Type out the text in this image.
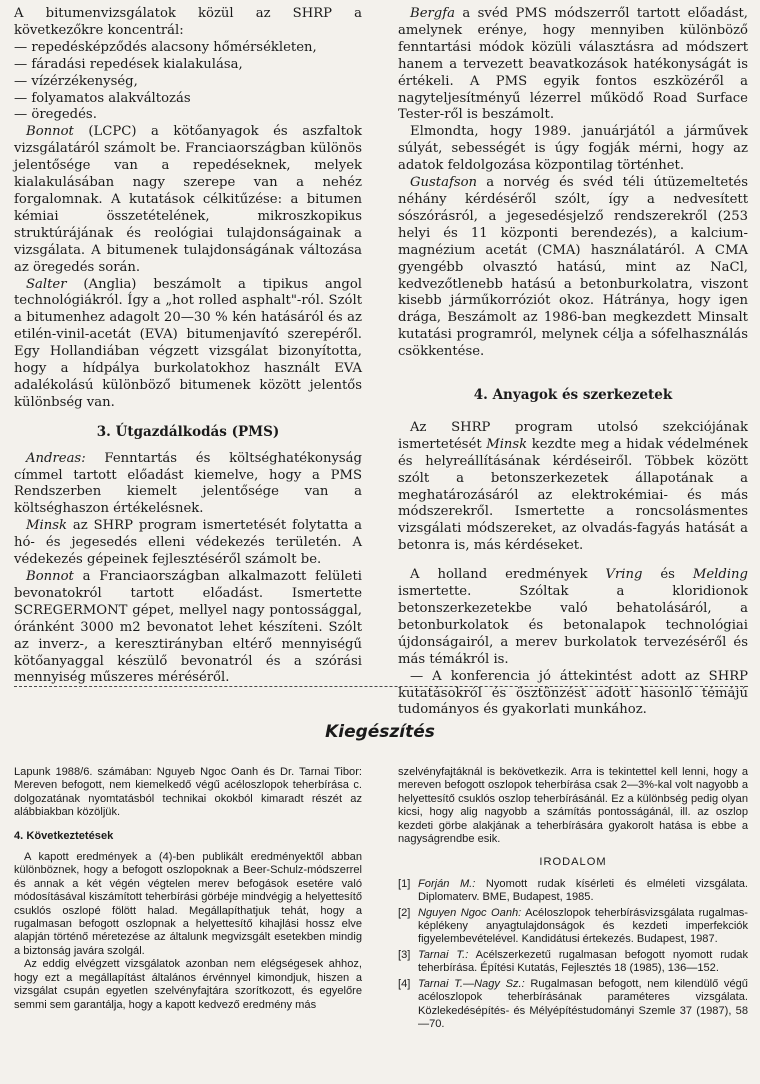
A bitumenvizsgálatok közül az SHRP a következőkre koncentrál:

— repedésképződés alacsony hőmérsékleten,
— fáradási repedések kialakulása,
— vízérzékenység,
— folyamatos alakváltozás
— öregedés.

Bonnot (LCPC) a kötőanyagok és aszfaltok vizsgálatáról számolt be. Franciaországban különös jelentősége van a repedéseknek, melyek kialakulásában nagy szerepe van a nehéz forgalomnak. A kutatások célkitűzése: a bitumen kémiai összetételének, mikroszkopikus struktúrájának és reológiai tulajdonságainak a vizsgálata. A bitumenek tulajdonságának változása az öregedés során.

Salter (Anglia) beszámolt a tipikus angol technológiákról. Így a „hot rolled asphalt"-ról. Szólt a bitumenhez adagolt 20—30 % kén hatásáról és az etilén-vinil-acetát (EVA) bitumenjavító szerepéről. Egy Hollandiában végzett vizsgálat bizonyította, hogy a hídpálya burkolatokhoz használt EVA adalékolású különböző bitumenek között jelentős különbség van.

3. Útgazdálkodás (PMS)

Andreas: Fenntartás és költséghatékonyság címmel tartott előadást kiemelve, hogy a PMS Rendszerben kiemelt jelentősége van a költséghaszon értékelésnek.

Minsk az SHRP program ismertetését folytatta a hó- és jegesedés elleni védekezés területén. A védekezés gépeinek fejlesztéséről számolt be.

Bonnot a Franciaországban alkalmazott felületi bevonatokról tartott előadást. Ismertette SCREGERMONT gépet, mellyel nagy pontossággal, óránként 3000 m2 bevonatot lehet készíteni. Szólt az inverz-, a keresztirányban eltérő mennyiségű kötőanyaggal készülő bevonatról és a szórási mennyiség műszeres méréséről.

Bergfa a svéd PMS módszerről tartott előadást, amelynek erénye, hogy mennyiben különböző fenntartási módok közüli választásra ad módszert hanem a tervezett beavatkozások hatékonyságát is értékeli. A PMS egyik fontos eszközéről a nagyteljesítményű lézerrel működő Road Surface Tester-ről is beszámolt.

Elmondta, hogy 1989. januárjától a járművek súlyát, sebességét is úgy fogják mérni, hogy az adatok feldolgozása központilag történhet.

Gustafson a norvég és svéd téli útüzemeltetés néhány kérdéséről szólt, így a nedvesített sószórásról, a jegesedésjelző rendszerekről (253 helyi és 11 központi berendezés), a kalcium-magnézium acetát (CMA) használatáról. A CMA gyengébb olvasztó hatású, mint az NaCl, kedvezőtlenebb hatású a betonburkolatra, viszont kisebb járműkorróziót okoz. Hátránya, hogy igen drága, Beszámolt az 1986-ban megkezdett Minsalt kutatási programról, melynek célja a sófelhasználás csökkentése.

4. Anyagok és szerkezetek

Az SHRP program utolsó szekciójának ismertetését Minsk kezdte meg a hidak védelmének és helyreállításának kérdéseiről. Többek között szólt a betonszerkezetek állapotának a meghatározásáról az elektrokémiai- és más módszerekről. Ismertette a roncsolásmentes vizsgálati módszereket, az olvadás-fagyás hatását a betonra is, más kérdéseket.

A holland eredmények Vring és Melding ismertette. Szóltak a kloridionok betonszerkezetekbe való behatolásáról, a betonburkolatok és betonalapok technológiai újdonságairól, a merev burkolatok tervezéséről és más témákról is.

— A konferencia jó áttekintést adott az SHRP kutatásokról és ösztönzést adott hasonló témájú tudományos és gyakorlati munkához.

Kiegészítés

Lapunk 1988/6. számában: Nguyeb Ngoc Oanh és Dr. Tarnai Tibor: Mereven befogott, nem kiemelkedő végű acéloszlopok teherbírása c. dolgozatának nyomtatásból technikai okokból kimaradt részét az alábbiakban közöljük.

4. Következtetések

A kapott eredmények a (4)-ben publikált eredményektől abban különböznek, hogy a befogott oszlopoknak a Beer-Schulz-módszerrel és annak a két végén végtelen merev befogások esetére való módosításával kiszámított teherbírási görbéje mindvégig a helyettesítő csuklós oszlopé fölött halad. Megállapíthatjuk tehát, hogy a rugalmasan befogott oszlopnak a helyettesítő kihajlási hossz elve alapján történő méretezése az általunk megvizsgált esetekben mindig a biztonság javára szolgál.

Az eddig elvégzett vizsgálatok azonban nem elégségesek ahhoz, hogy ezt a megállapítást általános érvénnyel kimondjuk, hiszen a vizsgálat csupán egyetlen szelvényfajtára szorítkozott, és egyelőre semmi sem garantálja, hogy a kapott kedvező eredmény más

szelvényfajtáknál is bekövetkezik. Arra is tekintettel kell lenni, hogy a mereven befogott oszlopok teherbírása csak 2—3%-kal volt nagyobb a helyettesítő csuklós oszlop teherbírásánál. Ez a különbség pedig olyan kicsi, hogy alig nagyobb a számítás pontosságánál, ill. az oszlop kezdeti görbe alakjának a teherbírására gyakorolt hatása is ebbe a nagyságrendbe esik.

IRODALOM
[1] Forján M.: Nyomott rudak kísérleti és elméleti vizsgálata. Diplomaterv. BME, Budapest, 1985.
[2] Nguyen Ngoc Oanh: Acéloszlopok teherbírásvizsgálata rugalmas-képlékeny anyagtulajdonságok és kezdeti imperfekciók figyelembevételével. Kandidátusi értekezés. Budapest, 1987.
[3] Tarnai T.: Acélszerkezetű rugalmasan befogott nyomott rudak teherbírása. Építési Kutatás, Fejlesztés 18 (1985), 136—152.
[4] Tarnai T.—Nagy Sz.: Rugalmasan befogott, nem kilendülő végű acéloszlopok teherbírásának paraméteres vizsgálata. Közlekedésépítés- és Mélyépítéstudományi Szemle 37 (1987), 58—70.
